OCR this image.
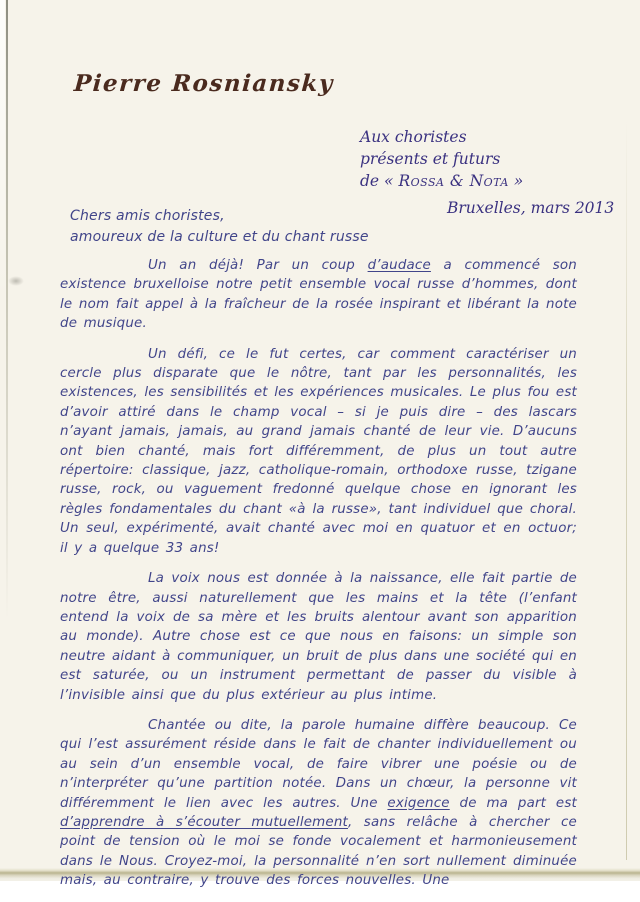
Pierre Rosniansky
Aux choristes
présents et futurs
de « Rossa & Nota »
Bruxelles, mars 2013
Chers amis choristes,
amoureux de la culture et du chant russe

Un an déjà! Par un coup d’audace a commencé son existence bruxelloise notre petit ensemble vocal russe d’hommes, dont le nom fait appel à la fraîcheur de la rosée inspirant et libérant la note de musique.

Un défi, ce le fut certes, car comment caractériser un cercle plus disparate que le nôtre, tant par les personnalités, les existences, les sensibilités et les expériences musicales. Le plus fou est d’avoir attiré dans le champ vocal – si je puis dire – des lascars n’ayant jamais, jamais, au grand jamais chanté de leur vie. D’aucuns ont bien chanté, mais fort différemment, de plus un tout autre répertoire: classique, jazz, catholique-romain, orthodoxe russe, tzigane russe, rock, ou vaguement fredonné quelque chose en ignorant les règles fondamentales du chant «à la russe», tant individuel que choral. Un seul, expérimenté, avait chanté avec moi en quatuor et en octuor; il y a quelque 33 ans!

La voix nous est donnée à la naissance, elle fait partie de notre être, aussi naturellement que les mains et la tête (l’enfant entend la voix de sa mère et les bruits alentour avant son apparition au monde). Autre chose est ce que nous en faisons: un simple son neutre aidant à communiquer, un bruit de plus dans une société qui en est saturée, ou un instrument permettant de passer du visible à l’invisible ainsi que du plus extérieur au plus intime.

Chantée ou dite, la parole humaine diffère beaucoup. Ce qui l’est assurément réside dans le fait de chanter individuellement ou au sein d’un ensemble vocal, de faire vibrer une poésie ou de n’interpréter qu’une partition notée. Dans un chœur, la personne vit différemment le lien avec les autres. Une exigence de ma part est d’apprendre à s’écouter mutuellement, sans relâche à chercher ce point de tension où le moi se fonde vocalement et harmonieusement dans le Nous. Croyez-moi, la personnalité n’en sort nullement diminuée mais, au contraire, y trouve des forces nouvelles. Une
